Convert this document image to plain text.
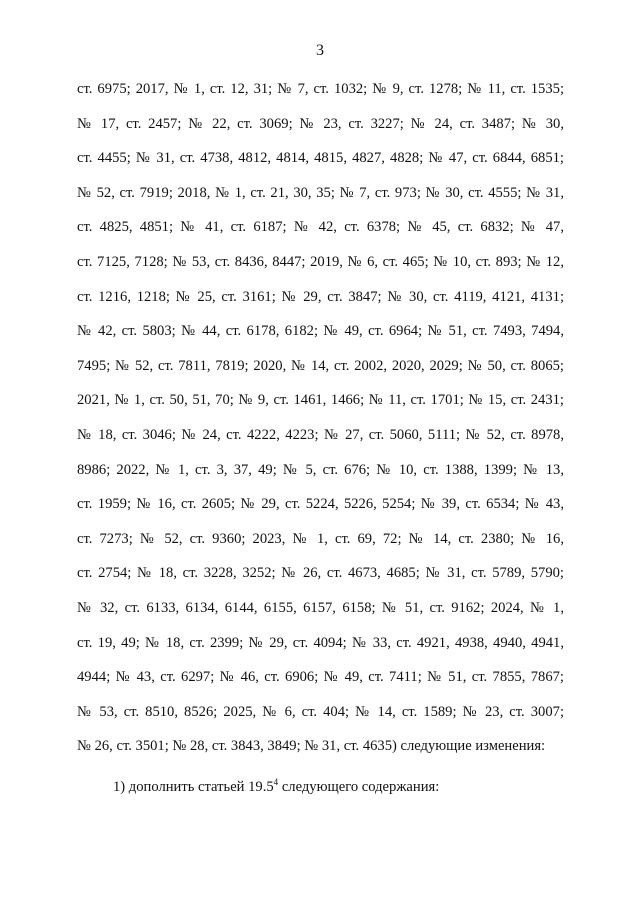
3
ст. 6975; 2017, № 1, ст. 12, 31; № 7, ст. 1032; № 9, ст. 1278; № 11, ст. 1535;
№ 17, ст. 2457; № 22, ст. 3069; № 23, ст. 3227; № 24, ст. 3487; № 30,
ст. 4455; № 31, ст. 4738, 4812, 4814, 4815, 4827, 4828; № 47, ст. 6844, 6851;
№ 52, ст. 7919; 2018, № 1, ст. 21, 30, 35; № 7, ст. 973; № 30, ст. 4555; № 31,
ст. 4825, 4851; № 41, ст. 6187; № 42, ст. 6378; № 45, ст. 6832; № 47,
ст. 7125, 7128; № 53, ст. 8436, 8447; 2019, № 6, ст. 465; № 10, ст. 893; № 12,
ст. 1216, 1218; № 25, ст. 3161; № 29, ст. 3847; № 30, ст. 4119, 4121, 4131;
№ 42, ст. 5803; № 44, ст. 6178, 6182; № 49, ст. 6964; № 51, ст. 7493, 7494,
7495; № 52, ст. 7811, 7819; 2020, № 14, ст. 2002, 2020, 2029; № 50, ст. 8065;
2021, № 1, ст. 50, 51, 70; № 9, ст. 1461, 1466; № 11, ст. 1701; № 15, ст. 2431;
№ 18, ст. 3046; № 24, ст. 4222, 4223; № 27, ст. 5060, 5111; № 52, ст. 8978,
8986; 2022, № 1, ст. 3, 37, 49; № 5, ст. 676; № 10, ст. 1388, 1399; № 13,
ст. 1959; № 16, ст. 2605; № 29, ст. 5224, 5226, 5254; № 39, ст. 6534; № 43,
ст. 7273; № 52, ст. 9360; 2023, № 1, ст. 69, 72; № 14, ст. 2380; № 16,
ст. 2754; № 18, ст. 3228, 3252; № 26, ст. 4673, 4685; № 31, ст. 5789, 5790;
№ 32, ст. 6133, 6134, 6144, 6155, 6157, 6158; № 51, ст. 9162; 2024, № 1,
ст. 19, 49; № 18, ст. 2399; № 29, ст. 4094; № 33, ст. 4921, 4938, 4940, 4941,
4944; № 43, ст. 6297; № 46, ст. 6906; № 49, ст. 7411; № 51, ст. 7855, 7867;
№ 53, ст. 8510, 8526; 2025, № 6, ст. 404; № 14, ст. 1589; № 23, ст. 3007;
№ 26, ст. 3501; № 28, ст. 3843, 3849; № 31, ст. 4635) следующие изменения:
1) дополнить статьей 19.5$^4$ следующего содержания:
